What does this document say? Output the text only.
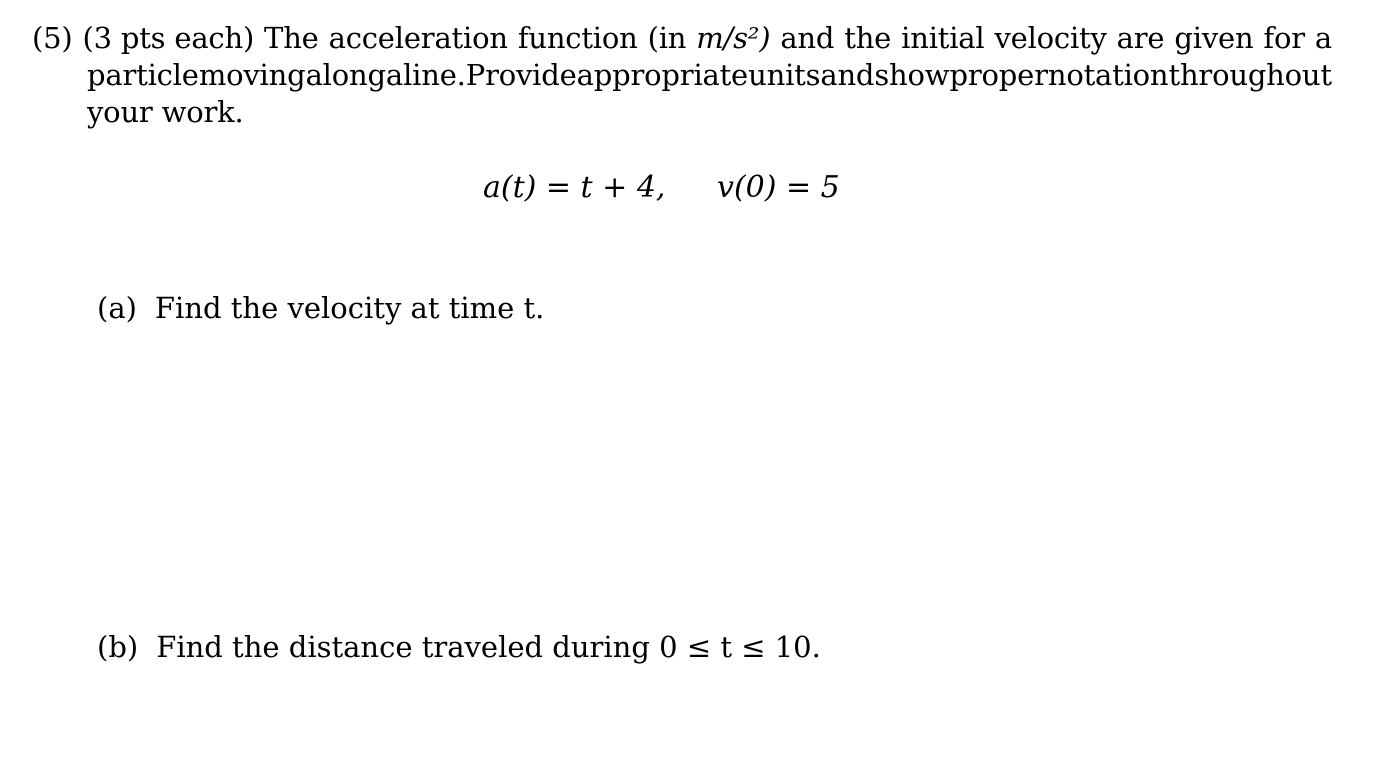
(5) (3 pts each) The acceleration function (in m/s²) and the initial velocity are given for a
particle moving along a line. Provide appropriate units and show proper notation throughout
your work.
a(t) = t + 4, v(0) = 5
(a) Find the velocity at time t.
(b) Find the distance traveled during 0 ≤ t ≤ 10.
